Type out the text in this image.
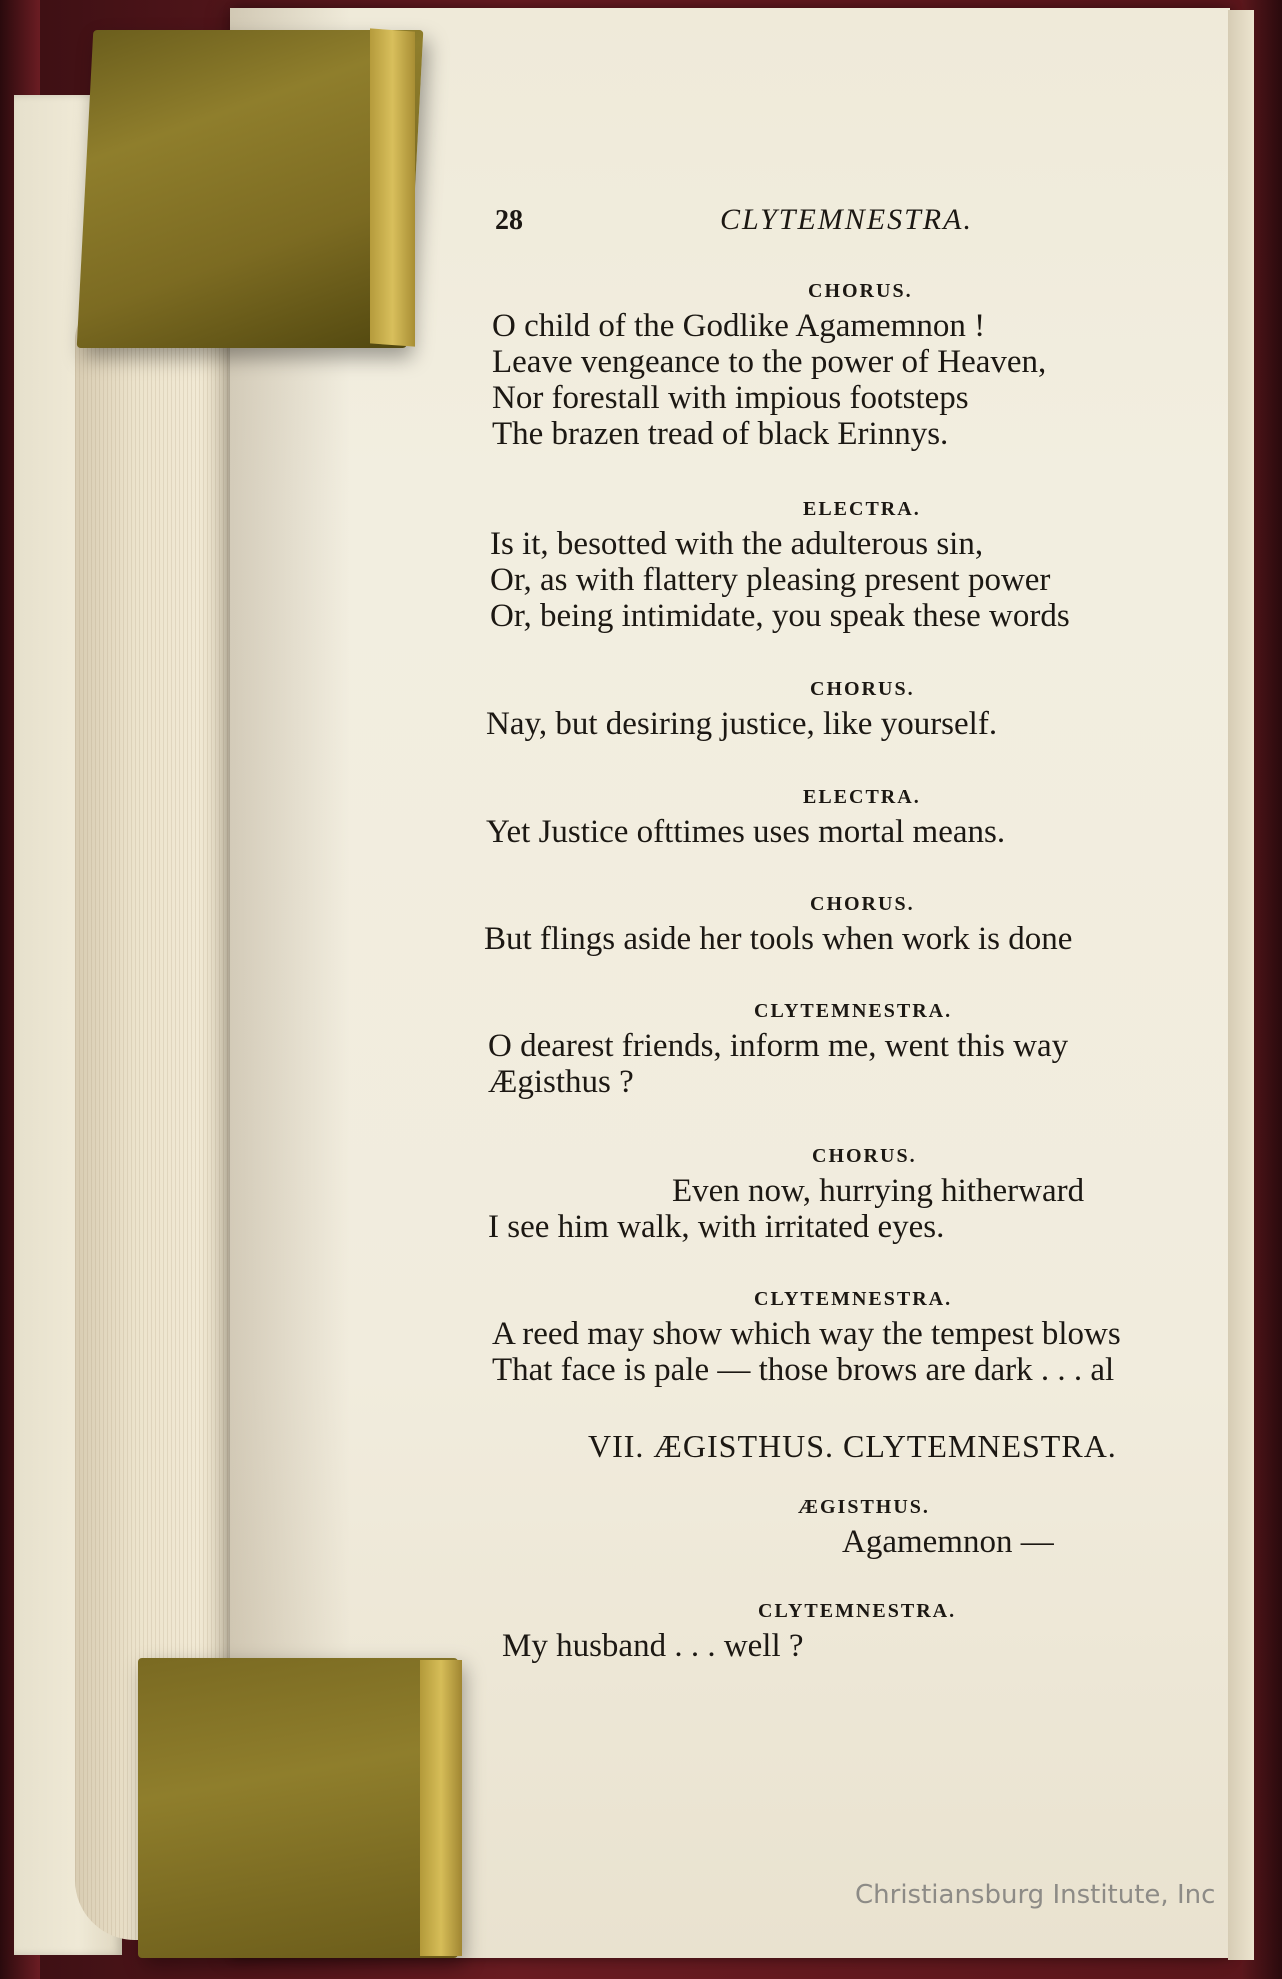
28	CLYTEMNESTRA.
CHORUS.
O child of the Godlike Agamemnon !
Leave vengeance to the power of Heaven,
Nor forestall with impious footsteps
The brazen tread of black Erinnys.
ELECTRA.
Is it, besotted with the adulterous sin,
Or, as with flattery pleasing present power
Or, being intimidate, you speak these words
CHORUS.
Nay, but desiring justice, like yourself.
ELECTRA.
Yet Justice ofttimes uses mortal means.
CHORUS.
But flings aside her tools when work is done
CLYTEMNESTRA.
O dearest friends, inform me, went this way
Ægisthus ?
CHORUS.
Even now, hurrying hitherward
I see him walk, with irritated eyes.
CLYTEMNESTRA.
A reed may show which way the tempest blows
That face is pale — those brows are dark . . . al
VII. ÆGISTHUS. CLYTEMNESTRA.
ÆGISTHUS.
Agamemnon —
CLYTEMNESTRA.
My husband . . . well ?
Christiansburg Institute, Inc
